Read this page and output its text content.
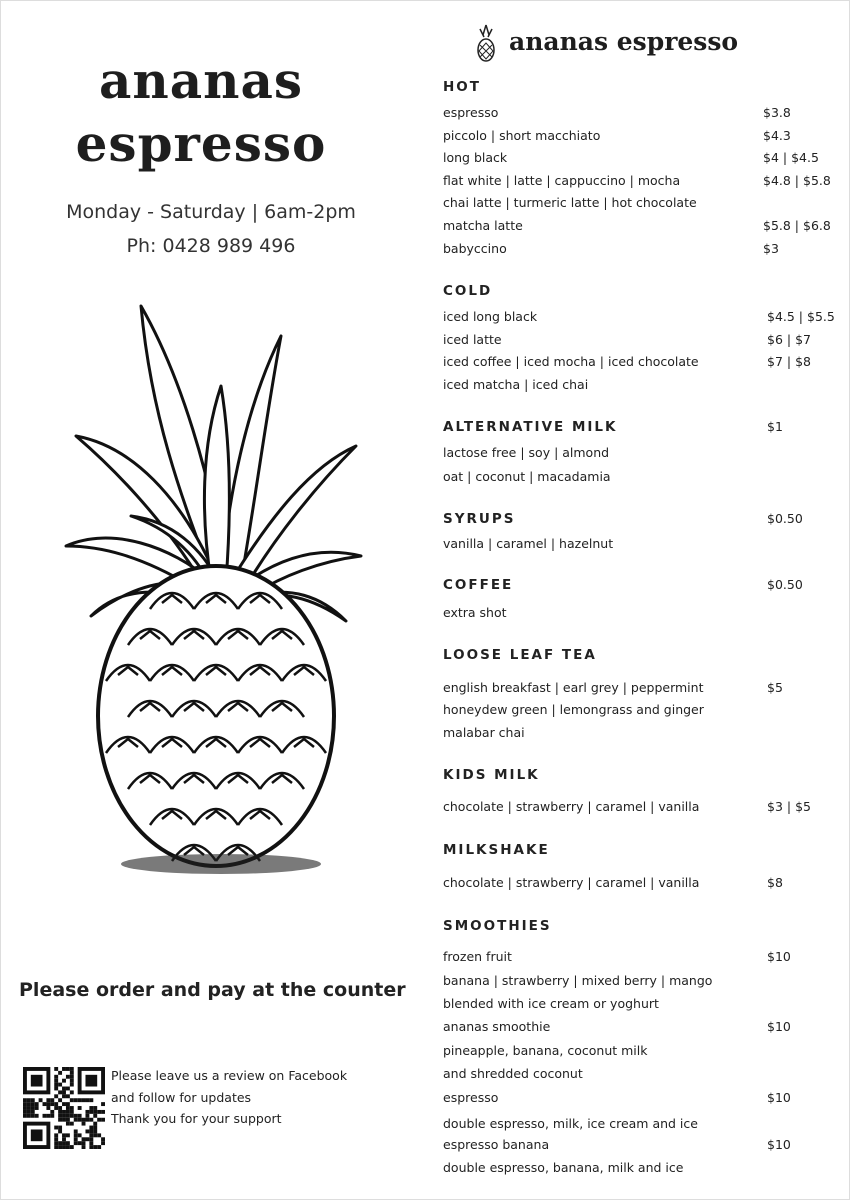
ananas
espresso
Monday - Saturday | 6am-2pm
Ph: 0428 989 496
Please order and pay at the counter
Please leave us a review on Facebook
and follow for updates
Thank you for your support
ananas espresso
HOT
espresso	$3.8
piccolo | short macchiato	$4.3
long black	$4 | $4.5
flat white | latte | cappuccino | mocha	$4.8 | $5.8
chai latte | turmeric latte | hot chocolate
matcha latte	$5.8 | $6.8
babyccino	$3
COLD
iced long black	$4.5 | $5.5
iced latte	$6 | $7
iced coffee | iced mocha | iced chocolate	$7 | $8
iced matcha | iced chai
ALTERNATIVE MILK	$1
lactose free | soy | almond
oat | coconut | macadamia
SYRUPS	$0.50
vanilla | caramel | hazelnut
COFFEE	$0.50
extra shot
LOOSE LEAF TEA
english breakfast | earl grey | peppermint	$5
honeydew green | lemongrass and ginger
malabar chai
KIDS MILK
chocolate | strawberry | caramel | vanilla	$3 | $5
MILKSHAKE
chocolate | strawberry | caramel | vanilla	$8
SMOOTHIES
frozen fruit	$10
banana | strawberry | mixed berry | mango
blended with ice cream or yoghurt
ananas smoothie	$10
pineapple, banana, coconut milk
and shredded coconut
espresso	$10
double espresso, milk, ice cream and ice
espresso banana	$10
double espresso, banana, milk and ice
